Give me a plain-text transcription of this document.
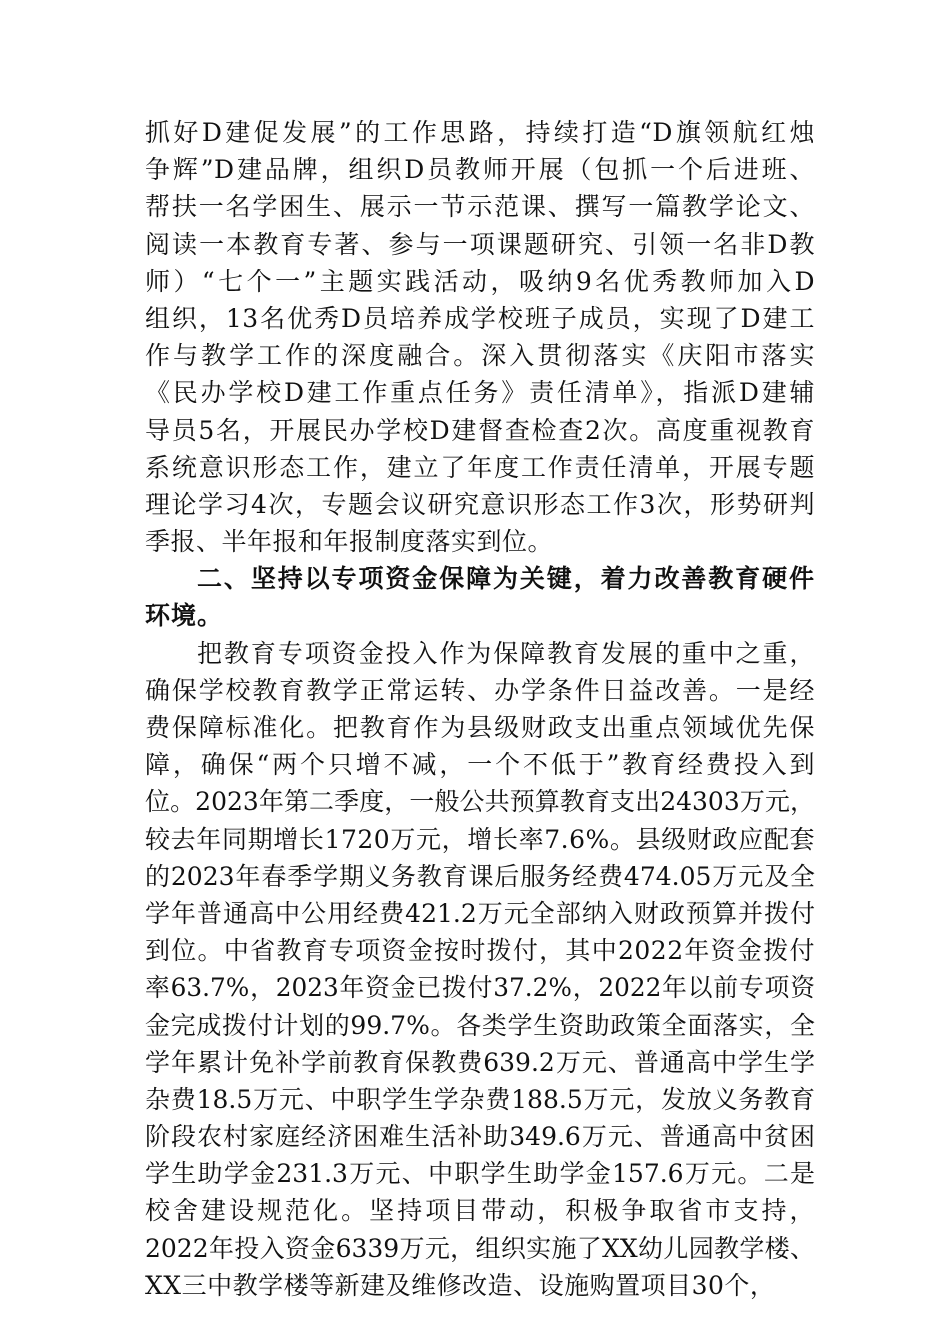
抓好D建促发展”的工作思路，持续打造“D旗领航红烛
争辉”D建品牌，组织D员教师开展（包抓一个后进班、
帮扶一名学困生、展示一节示范课、撰写一篇教学论文、
阅读一本教育专著、参与一项课题研究、引领一名非D教
师）“七个一”主题实践活动，吸纳9名优秀教师加入D
组织，13名优秀D员培养成学校班子成员，实现了D建工
作与教学工作的深度融合。深入贯彻落实《庆阳市落实
《民办学校D建工作重点任务》责任清单》，指派D建辅
导员5名，开展民办学校D建督查检查2次。高度重视教育
系统意识形态工作，建立了年度工作责任清单，开展专题
理论学习4次，专题会议研究意识形态工作3次，形势研判
季报、半年报和年报制度落实到位。
二、坚持以专项资金保障为关键，着力改善教育硬件
环境。
把教育专项资金投入作为保障教育发展的重中之重，
确保学校教育教学正常运转、办学条件日益改善。一是经
费保障标准化。把教育作为县级财政支出重点领域优先保
障，确保“两个只增不减，一个不低于”教育经费投入到
位。2023年第二季度，一般公共预算教育支出24303万元，
较去年同期增长1720万元，增长率7.6%。县级财政应配套
的2023年春季学期义务教育课后服务经费474.05万元及全
学年普通高中公用经费421.2万元全部纳入财政预算并拨付
到位。中省教育专项资金按时拨付，其中2022年资金拨付
率63.7%，2023年资金已拨付37.2%，2022年以前专项资
金完成拨付计划的99.7%。各类学生资助政策全面落实，全
学年累计免补学前教育保教费639.2万元、普通高中学生学
杂费18.5万元、中职学生学杂费188.5万元，发放义务教育
阶段农村家庭经济困难生活补助349.6万元、普通高中贫困
学生助学金231.3万元、中职学生助学金157.6万元。二是
校舍建设规范化。坚持项目带动，积极争取省市支持，
2022年投入资金6339万元，组织实施了XX幼儿园教学楼、
XX三中教学楼等新建及维修改造、设施购置项目30个，
